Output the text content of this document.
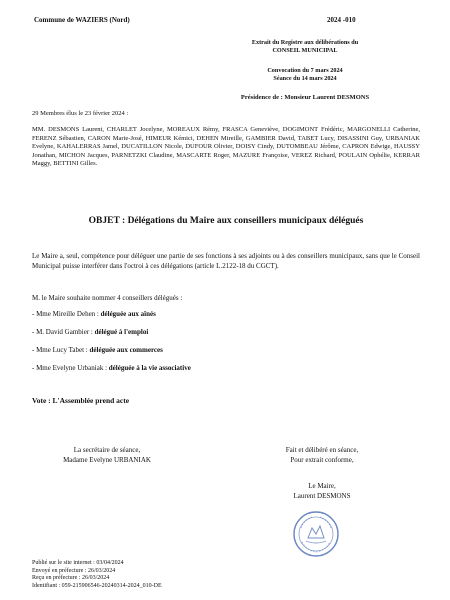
Commune de WAZIERS (Nord)	2024 -010
Extrait du Registre aux délibérations du
CONSEIL MUNICIPAL
Convocation du 7 mars 2024
Séance du 14 mars 2024
Présidence de : Monsieur Laurent DESMONS
29 Membres élus le 23 février 2024 :
MM. DESMONS Laurent, CHARLET Jocelyne, MOREAUX Rémy, FRASCA Geneviève, DOGIMONT Frédéric, MARGONELLI Catherine, FERENZ Sébastien, CARON Marie-José, HIMEUR Kémici, DEHEN Mireille, GAMBIER David, TABET Lucy, DISASSINI Guy, URBANIAK Evelyne, KAHALERRAS Jamel, DUCATILLON Nicole, DUFOUR Olivier, DOISY Cindy, DUTOMBEAU Jérôme, CAPRON Edwige, HAUSSY Jonathan, MICHON Jacques, PARNETZKI Claudine, MASCARTE Roger, MAZURE Françoise, VEREZ Richard, POULAIN Ophélie, KERRAR Maggy, BETTINI Gilles.
OBJET : Délégations du Maire aux conseillers municipaux délégués
Le Maire a, seul, compétence pour déléguer une partie de ses fonctions à ses adjoints ou à des conseillers municipaux, sans que le Conseil Municipal puisse interférer dans l'octroi à ces délégations (article L.2122-18 du CGCT).
M. le Maire souhaite nommer 4 conseillers délégués :
- Mme Mireille Dehen : déléguée aux aînés
- M. David Gambier : délégué à l'emploi
- Mme Lucy Tabet : déléguée aux commerces
- Mme Evelyne Urbaniak : déléguée à la vie associative
Vote : L'Assemblée prend acte
La secrétaire de séance,
Madame Evelyne URBANIAK
Fait et délibéré en séance,
Pour extrait conforme,
Le Maire,
Laurent DESMONS
Publié sur le site internet : 03/04/2024
Envoyé en préfecture : 26/03/2024
Reçu en préfecture : 26/03/2024
Identifiant : 059-215906546-20240314-2024_010-DE
